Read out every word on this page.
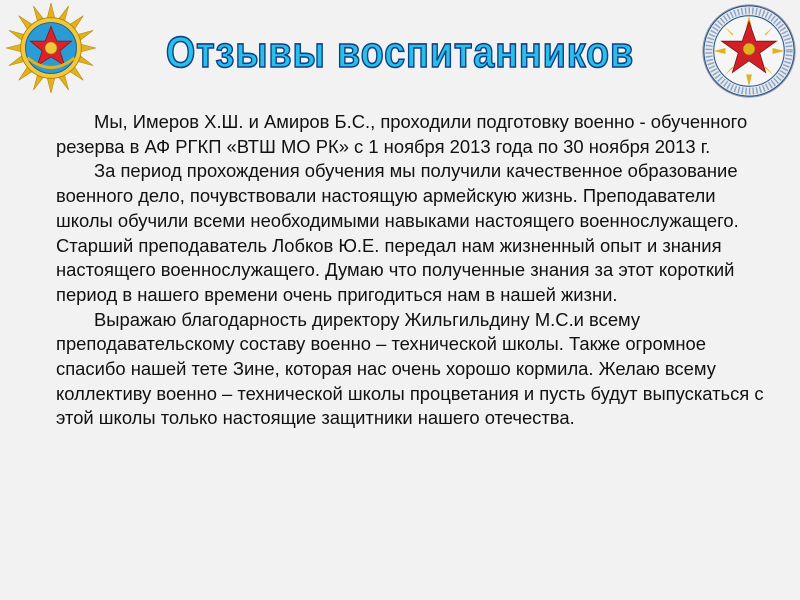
Отзывы воспитанников

Мы, Имеров Х.Ш. и Амиров Б.С., проходили подготовку военно - обученного резерва в АФ РГКП «ВТШ МО РК» с 1 ноября 2013 года по 30 ноября 2013 г.

За период прохождения обучения мы получили качественное образование военного дело, почувствовали настоящую армейскую жизнь. Преподаватели школы обучили всеми необходимыми навыками настоящего военнослужащего. Старший преподаватель Лобков Ю.Е. передал нам жизненный опыт и знания настоящего военнослужащего. Думаю что полученные знания за этот короткий период в нашего времени очень пригодиться нам в нашей жизни.

Выражаю благодарность директору Жильгильдину М.С.и всему преподавательскому составу военно – технической школы. Также огромное спасибо нашей тете Зине, которая нас очень хорошо кормила. Желаю всему коллективу военно – технической школы процветания и пусть будут выпускаться с этой школы только настоящие защитники нашего отечества.
